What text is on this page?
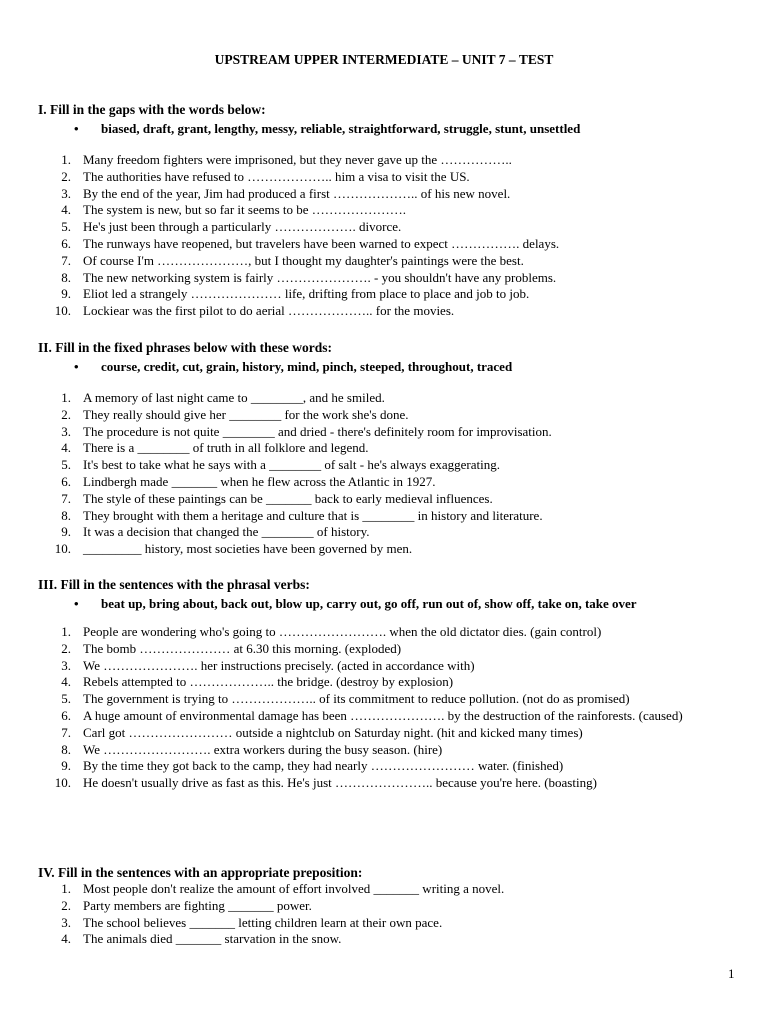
UPSTREAM UPPER INTERMEDIATE – UNIT 7 – TEST
I. Fill in the gaps with the words below:
• biased, draft, grant, lengthy, messy, reliable, straightforward, struggle, stunt, unsettled
1. Many freedom fighters were imprisoned, but they never gave up the ……………..
2. The authorities have refused to ……………….. him a visa to visit the US.
3. By the end of the year, Jim had produced a first ……………….. of his new novel.
4. The system is new, but so far it seems to be ………………….
5. He's just been through a particularly ………………. divorce.
6. The runways have reopened, but travelers have been warned to expect ……………. delays.
7. Of course I'm …………………, but I thought my daughter's paintings were the best.
8. The new networking system is fairly …………………. - you shouldn't have any problems.
9. Eliot led a strangely ………………… life, drifting from place to place and job to job.
10. Lockiear was the first pilot to do aerial ……………….. for the movies.
II. Fill in the fixed phrases below with these words:
• course, credit, cut, grain, history, mind, pinch, steeped, throughout, traced
1. A memory of last night came to ________, and he smiled.
2. They really should give her ________ for the work she's done.
3. The procedure is not quite ________ and dried - there's definitely room for improvisation.
4. There is a ________ of truth in all folklore and legend.
5. It's best to take what he says with a ________ of salt - he's always exaggerating.
6. Lindbergh made _______ when he flew across the Atlantic in 1927.
7. The style of these paintings can be _______ back to early medieval influences.
8. They brought with them a heritage and culture that is ________ in history and literature.
9. It was a decision that changed the ________ of history.
10. _________ history, most societies have been governed by men.
III. Fill in the sentences with the phrasal verbs:
• beat up, bring about, back out, blow up, carry out, go off, run out of, show off, take on, take over
1. People are wondering who's going to ……………………. when the old dictator dies. (gain control)
2. The bomb ………………… at 6.30 this morning. (exploded)
3. We …………………. her instructions precisely. (acted in accordance with)
4. Rebels attempted to ……………….. the bridge. (destroy by explosion)
5. The government is trying to ……………….. of its commitment to reduce pollution. (not do as promised)
6. A huge amount of environmental damage has been …………………. by the destruction of the rainforests. (caused)
7. Carl got …………………… outside a nightclub on Saturday night. (hit and kicked many times)
8. We ……………………. extra workers during the busy season. (hire)
9. By the time they got back to the camp, they had nearly …………………… water. (finished)
10. He doesn't usually drive as fast as this. He's just ………………….. because you're here. (boasting)
IV. Fill in the sentences with an appropriate preposition:
1. Most people don't realize the amount of effort involved _______ writing a novel.
2. Party members are fighting _______ power.
3. The school believes _______ letting children learn at their own pace.
4. The animals died _______ starvation in the snow.
1
